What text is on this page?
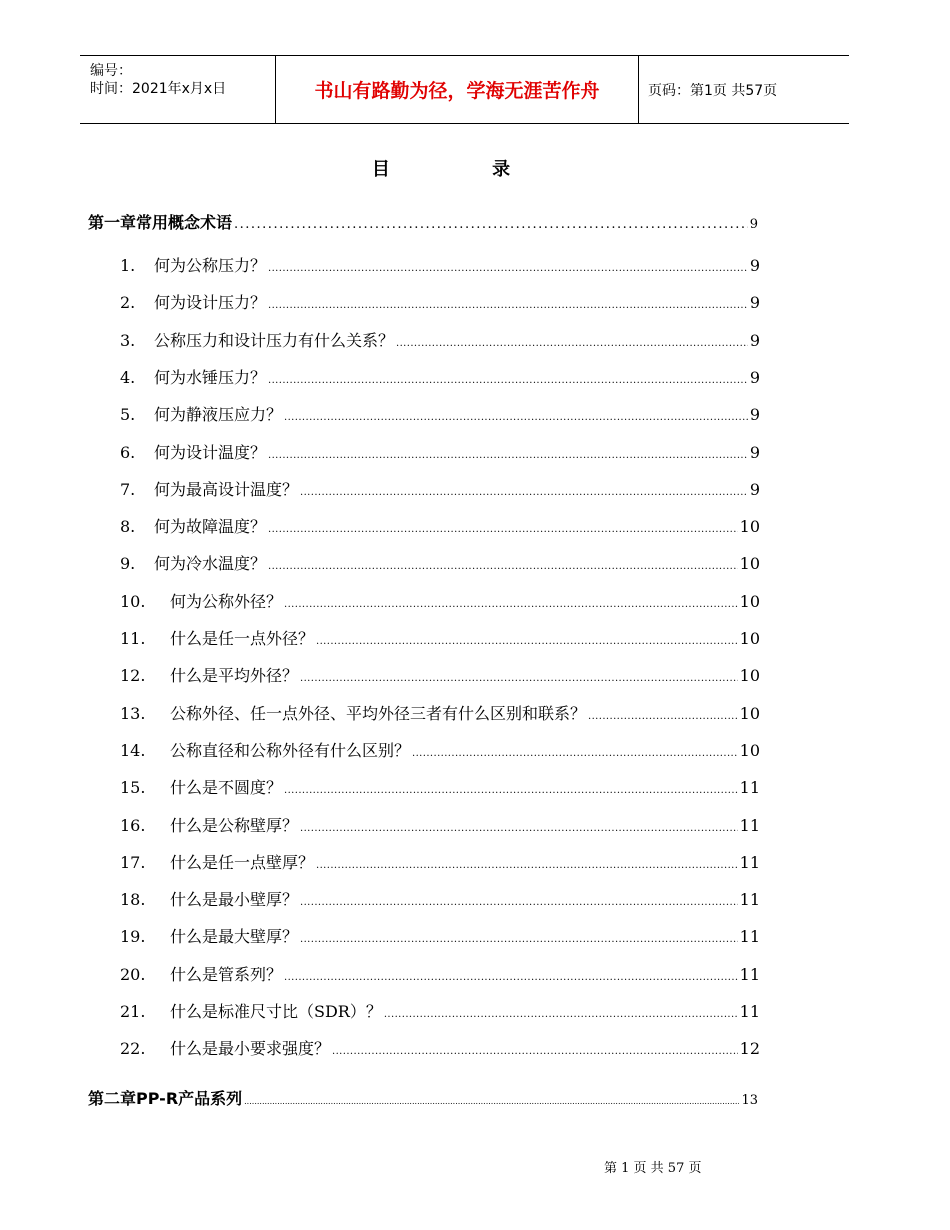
编号：
时间：2021年x月x日	书山有路勤为径，学海无涯苦作舟	页码：第1页 共57页
目 录
第一章常用概念术语 .....	9
1.	何为公称压力？ .....	9
2.	何为设计压力？ .....	9
3.	公称压力和设计压力有什么关系？ .....	9
4.	何为水锤压力？ .....	9
5.	何为静液压应力？ .....	9
6.	何为设计温度？ .....	9
7.	何为最高设计温度？ .....	9
8.	何为故障温度？ .....	10
9.	何为冷水温度？ .....	10
10.	何为公称外径？ .....	10
11.	什么是任一点外径？ .....	10
12.	什么是平均外径？ .....	10
13.	公称外径、任一点外径、平均外径三者有什么区别和联系？ .....	10
14.	公称直径和公称外径有什么区别？ .....	10
15.	什么是不圆度？ .....	11
16.	什么是公称壁厚？ .....	11
17.	什么是任一点壁厚？ .....	11
18.	什么是最小壁厚？ .....	11
19.	什么是最大壁厚？ .....	11
20.	什么是管系列？ .....	11
21.	什么是标准尺寸比（SDR）？ .....	11
22.	什么是最小要求强度？ .....	12
第二章PP-R产品系列 .....	13
第 1 页 共 57 页
